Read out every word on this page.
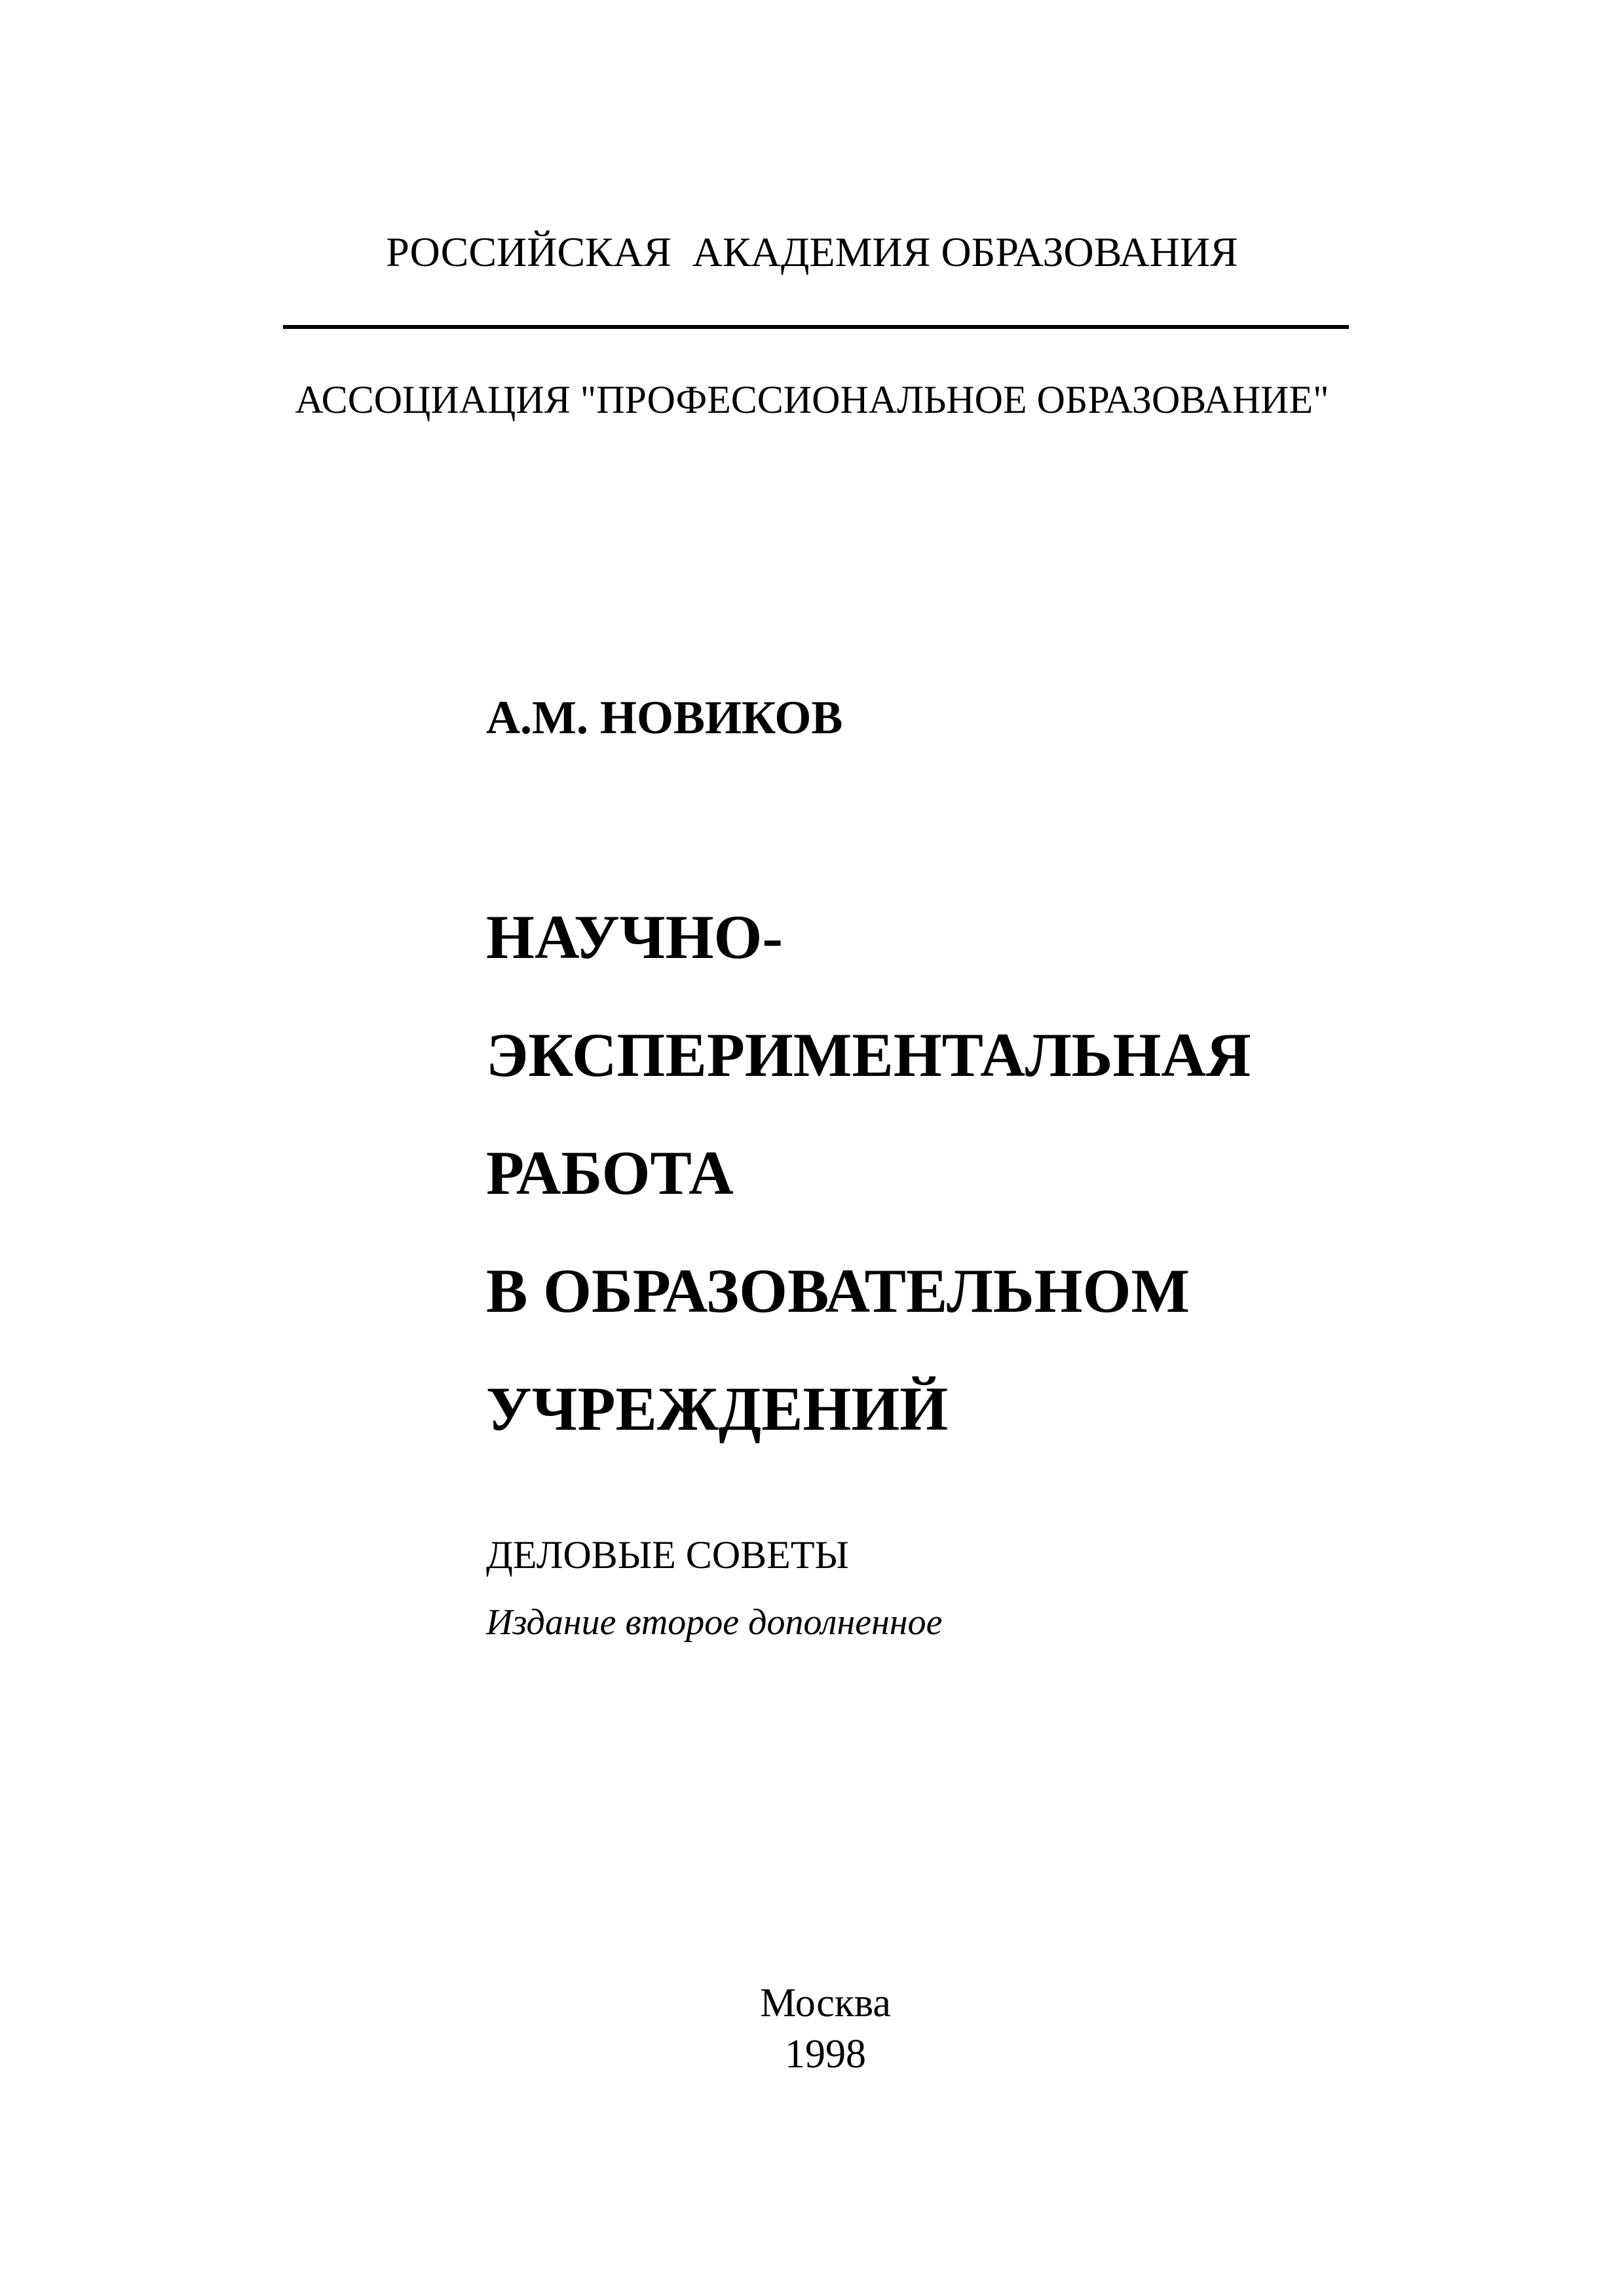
РОССИЙСКАЯ  АКАДЕМИЯ ОБРАЗОВАНИЯ
АССОЦИАЦИЯ "ПРОФЕССИОНАЛЬНОЕ ОБРАЗОВАНИЕ"
А.М. НОВИКОВ
НАУЧНО-
ЭКСПЕРИМЕНТАЛЬНАЯ
РАБОТА
В ОБРАЗОВАТЕЛЬНОМ
УЧРЕЖДЕНИЙ
ДЕЛОВЫЕ СОВЕТЫ
Издание второе дополненное
Москва
1998
